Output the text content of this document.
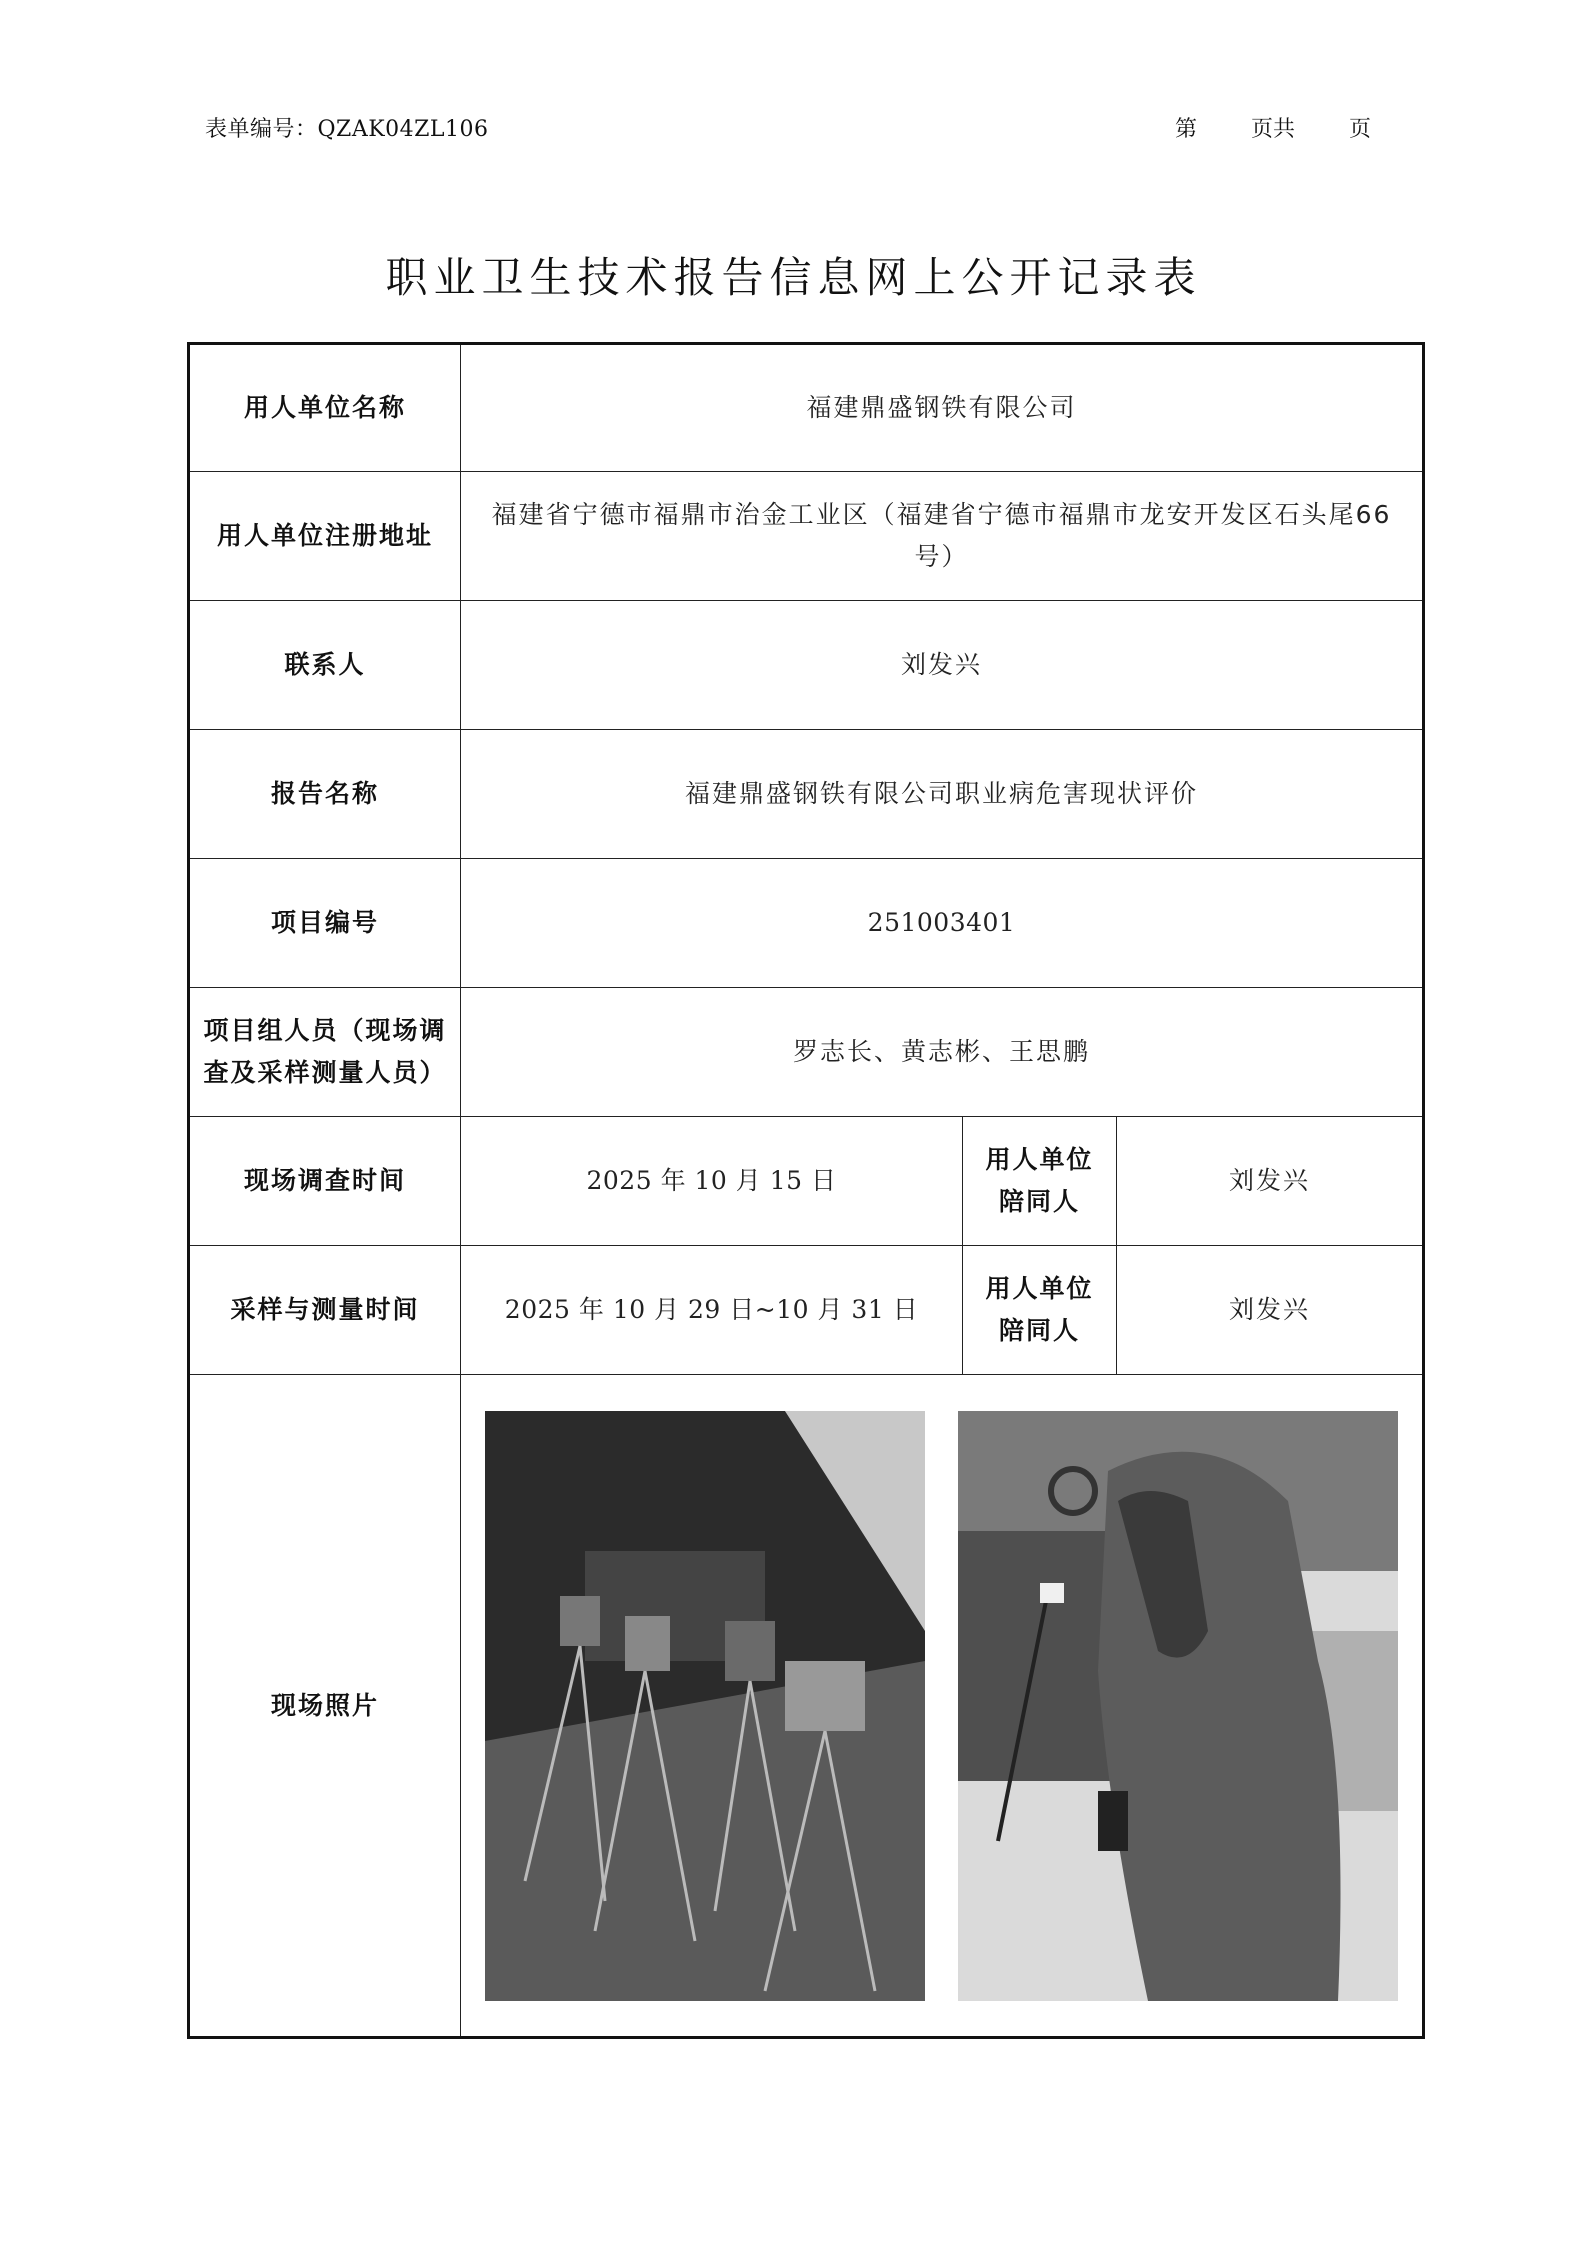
表单编号：QZAK04ZL106	第 页共 页
职业卫生技术报告信息网上公开记录表
用人单位名称	福建鼎盛钢铁有限公司		
用人单位注册地址	福建省宁德市福鼎市治金工业区（福建省宁德市福鼎市龙安开发区石头尾66号）		
联系人	刘发兴		
报告名称	福建鼎盛钢铁有限公司职业病危害现状评价		
项目编号	251003401		
项目组人员（现场调查及采样测量人员）	罗志长、黄志彬、王思鹏		
现场调查时间	2025 年 10 月 15 日	用人单位陪同人	刘发兴
采样与测量时间	2025 年 10 月 29 日~10 月 31 日	用人单位陪同人	刘发兴
现场照片	
